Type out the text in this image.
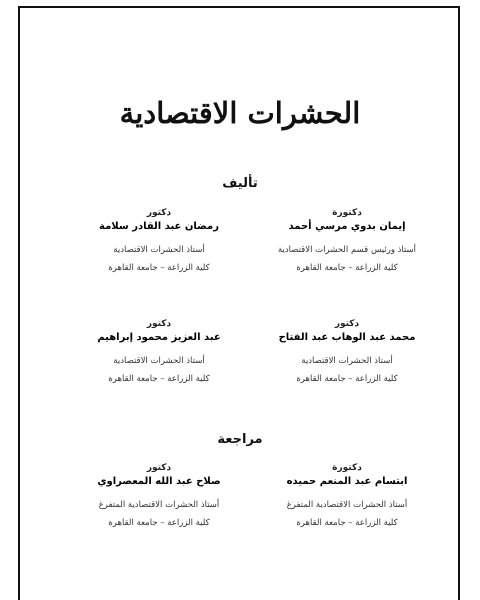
الحشرات الاقتصادية
تأليف
دكتورة
إيمان بدوي مرسي أحمد
أستاذ ورئيس قسم الحشرات الاقتصادية
كلية الزراعة – جامعة القاهرة
دكتور
رمضان عبد القادر سلامة
أستاذ الحشرات الاقتصادية
كلية الزراعة – جامعة القاهرة
دكتور
محمد عبد الوهاب عبد الفتاح
أستاذ الحشرات الاقتصادية
كلية الزراعة – جامعة القاهرة
دكتور
عبد العزيز محمود إبراهيم
أستاذ الحشرات الاقتصادية
كلية الزراعة – جامعة القاهرة
مراجعة
دكتورة
ابتسام عبد المنعم حميده
أستاذ الحشرات الاقتصادية المتفرغ
كلية الزراعة – جامعة القاهرة
دكتور
صلاح عبد الله المعصراوي
أستاذ الحشرات الاقتصادية المتفرغ
كلية الزراعة – جامعة القاهرة
